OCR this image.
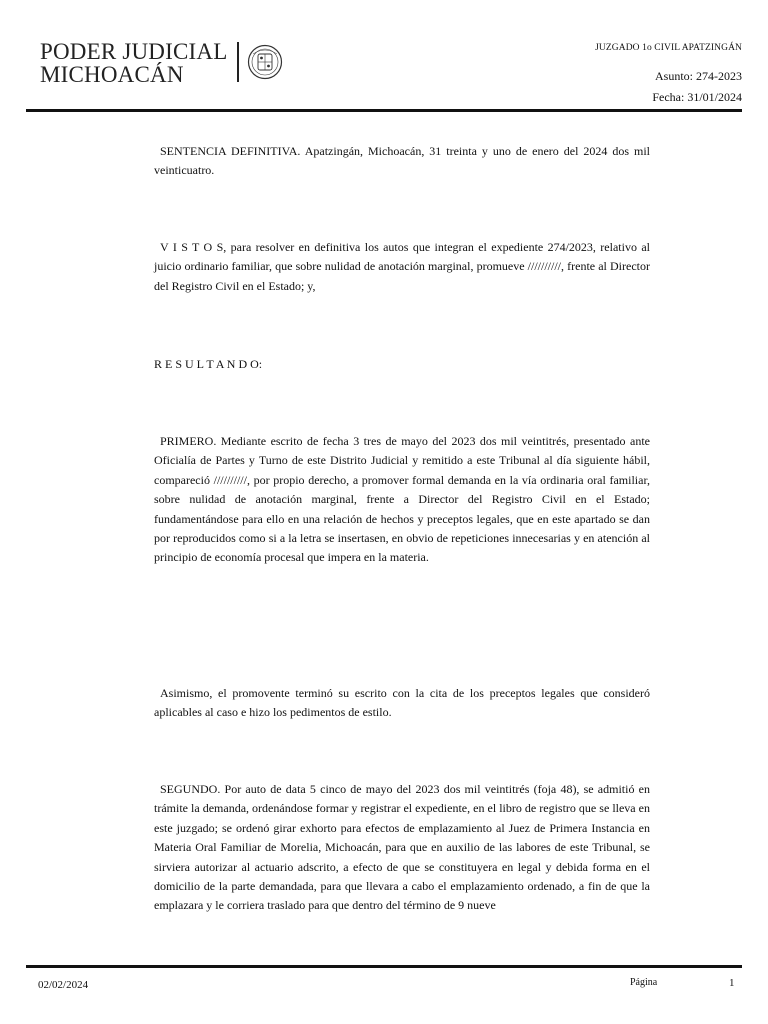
PODER JUDICIAL
MICHOACÁN
JUZGADO 1o CIVIL APATZINGÁN
Asunto: 274-2023
Fecha: 31/01/2024

SENTENCIA DEFINITIVA. Apatzingán, Michoacán, 31 treinta y uno de enero del 2024 dos mil veinticuatro.

V I S T O S, para resolver en definitiva los autos que integran el expediente 274/2023, relativo al juicio ordinario familiar, que sobre nulidad de anotación marginal, promueve //////////, frente al Director del Registro Civil en el Estado; y,

R E S U L T A N D O:

PRIMERO. Mediante escrito de fecha 3 tres de mayo del 2023 dos mil veintitrés, presentado ante Oficialía de Partes y Turno de este Distrito Judicial y remitido a este Tribunal al día siguiente hábil, compareció //////////, por propio derecho, a promover formal demanda en la vía ordinaria oral familiar, sobre nulidad de anotación marginal, frente a Director del Registro Civil en el Estado; fundamentándose para ello en una relación de hechos y preceptos legales, que en este apartado se dan por reproducidos como si a la letra se insertasen, en obvio de repeticiones innecesarias y en atención al principio de economía procesal que impera en la materia.

Asimismo, el promovente terminó su escrito con la cita de los preceptos legales que consideró aplicables al caso e hizo los pedimentos de estilo.

SEGUNDO. Por auto de data 5 cinco de mayo del 2023 dos mil veintitrés (foja 48), se admitió en trámite la demanda, ordenándose formar y registrar el expediente, en el libro de registro que se lleva en este juzgado; se ordenó girar exhorto para efectos de emplazamiento al Juez de Primera Instancia en Materia Oral Familiar de Morelia, Michoacán, para que en auxilio de las labores de este Tribunal, se sirviera autorizar al actuario adscrito, a efecto de que se constituyera en legal y debida forma en el domicilio de la parte demandada, para que llevara a cabo el emplazamiento ordenado, a fin de que la emplazara y le corriera traslado para que dentro del término de 9 nueve

02/02/2024	Página	1
